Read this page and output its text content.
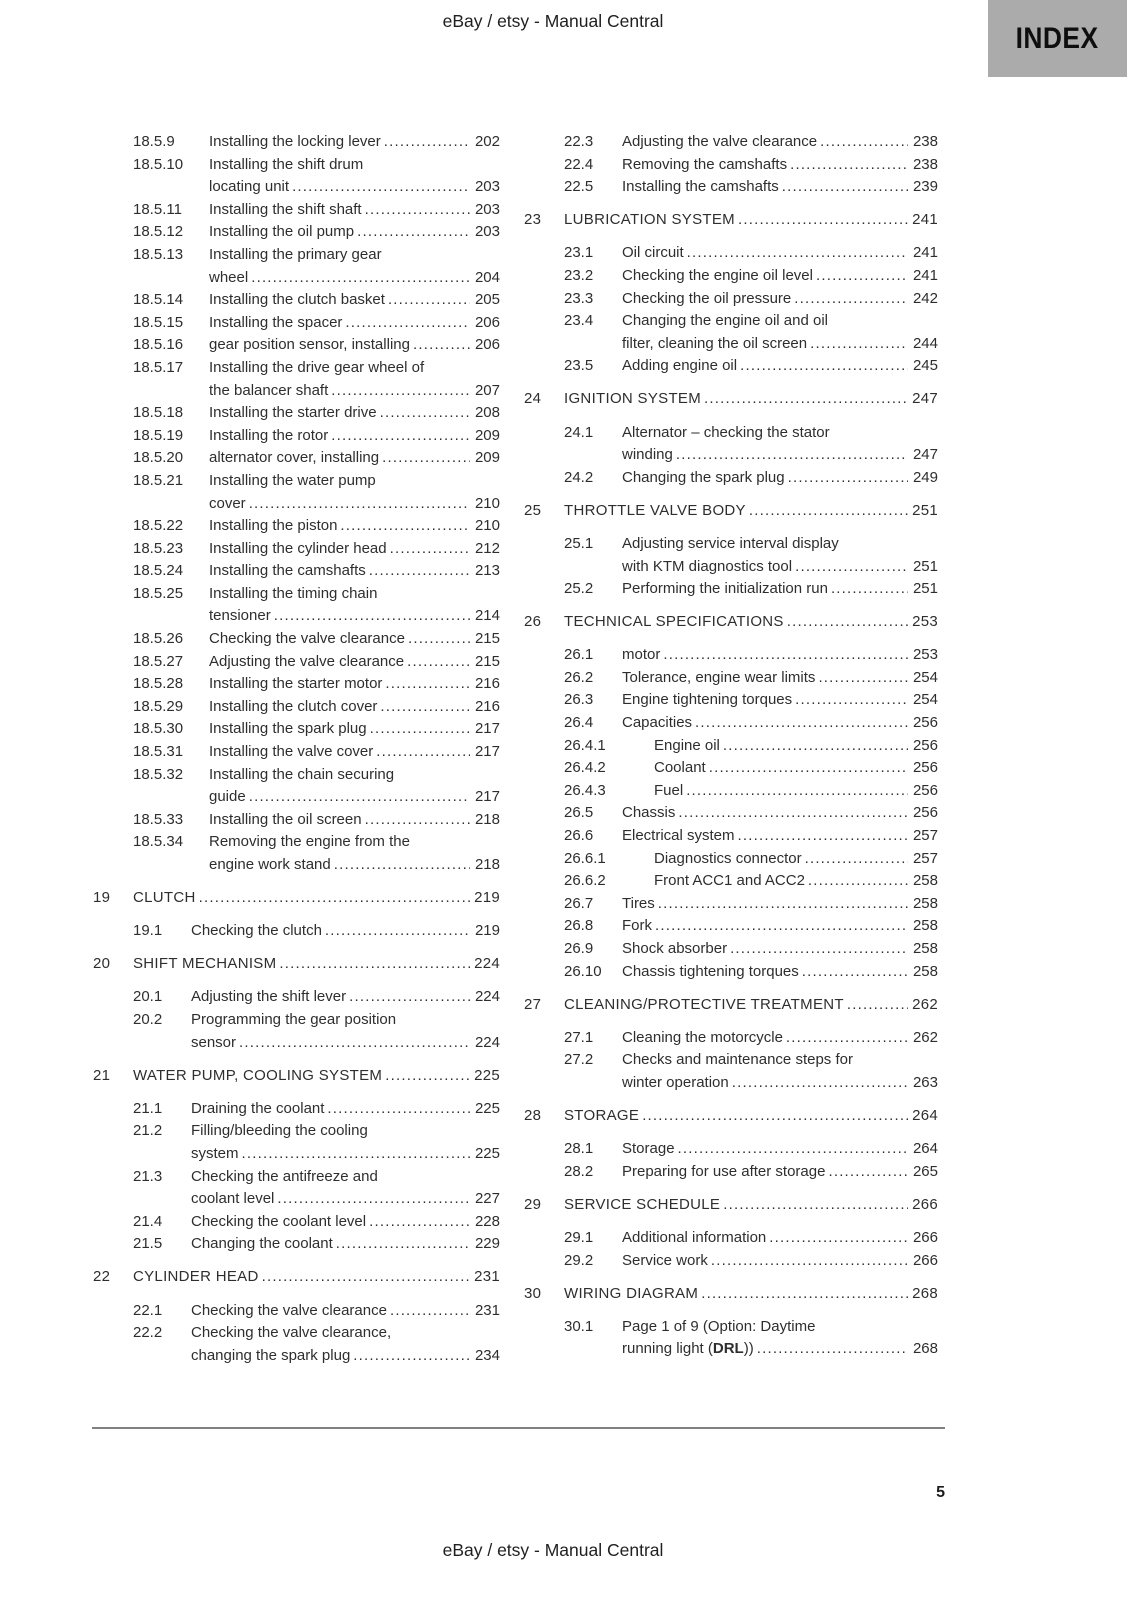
eBay / etsy - Manual Central
INDEX
18.5.9	Installing the locking lever .....	202
18.5.10	Installing the shift drum
locating unit .....	203
18.5.11	Installing the shift shaft .....	203
18.5.12	Installing the oil pump .....	203
18.5.13	Installing the primary gear
wheel .....	204
18.5.14	Installing the clutch basket .....	205
18.5.15	Installing the spacer .....	206
18.5.16	gear position sensor, installing .....	206
18.5.17	Installing the drive gear wheel of
the balancer shaft .....	207
18.5.18	Installing the starter drive .....	208
18.5.19	Installing the rotor .....	209
18.5.20	alternator cover, installing .....	209
18.5.21	Installing the water pump
cover .....	210
18.5.22	Installing the piston .....	210
18.5.23	Installing the cylinder head .....	212
18.5.24	Installing the camshafts .....	213
18.5.25	Installing the timing chain
tensioner .....	214
18.5.26	Checking the valve clearance .....	215
18.5.27	Adjusting the valve clearance .....	215
18.5.28	Installing the starter motor .....	216
18.5.29	Installing the clutch cover .....	216
18.5.30	Installing the spark plug .....	217
18.5.31	Installing the valve cover .....	217
18.5.32	Installing the chain securing
guide .....	217
18.5.33	Installing the oil screen .....	218
18.5.34	Removing the engine from the
engine work stand .....	218
19	CLUTCH .....	219
19.1	Checking the clutch .....	219
20	SHIFT MECHANISM .....	224
20.1	Adjusting the shift lever .....	224
20.2	Programming the gear position
sensor .....	224
21	WATER PUMP, COOLING SYSTEM .....	225
21.1	Draining the coolant .....	225
21.2	Filling/bleeding the cooling
system .....	225
21.3	Checking the antifreeze and
coolant level .....	227
21.4	Checking the coolant level .....	228
21.5	Changing the coolant .....	229
22	CYLINDER HEAD .....	231
22.1	Checking the valve clearance .....	231
22.2	Checking the valve clearance,
changing the spark plug .....	234
22.3	Adjusting the valve clearance .....	238
22.4	Removing the camshafts .....	238
22.5	Installing the camshafts .....	239
23	LUBRICATION SYSTEM .....	241
23.1	Oil circuit .....	241
23.2	Checking the engine oil level .....	241
23.3	Checking the oil pressure .....	242
23.4	Changing the engine oil and oil
filter, cleaning the oil screen .....	244
23.5	Adding engine oil .....	245
24	IGNITION SYSTEM .....	247
24.1	Alternator – checking the stator
winding .....	247
24.2	Changing the spark plug .....	249
25	THROTTLE VALVE BODY .....	251
25.1	Adjusting service interval display
with KTM diagnostics tool .....	251
25.2	Performing the initialization run .....	251
26	TECHNICAL SPECIFICATIONS .....	253
26.1	motor .....	253
26.2	Tolerance, engine wear limits .....	254
26.3	Engine tightening torques .....	254
26.4	Capacities .....	256
26.4.1	Engine oil .....	256
26.4.2	Coolant .....	256
26.4.3	Fuel .....	256
26.5	Chassis .....	256
26.6	Electrical system .....	257
26.6.1	Diagnostics connector .....	257
26.6.2	Front ACC1 and ACC2 .....	258
26.7	Tires .....	258
26.8	Fork .....	258
26.9	Shock absorber .....	258
26.10	Chassis tightening torques .....	258
27	CLEANING/PROTECTIVE TREATMENT .....	262
27.1	Cleaning the motorcycle .....	262
27.2	Checks and maintenance steps for
winter operation .....	263
28	STORAGE .....	264
28.1	Storage .....	264
28.2	Preparing for use after storage .....	265
29	SERVICE SCHEDULE .....	266
29.1	Additional information .....	266
29.2	Service work .....	266
30	WIRING DIAGRAM .....	268
30.1	Page 1 of 9 (Option: Daytime
running light (DRL)) .....	268
5
eBay / etsy - Manual Central
